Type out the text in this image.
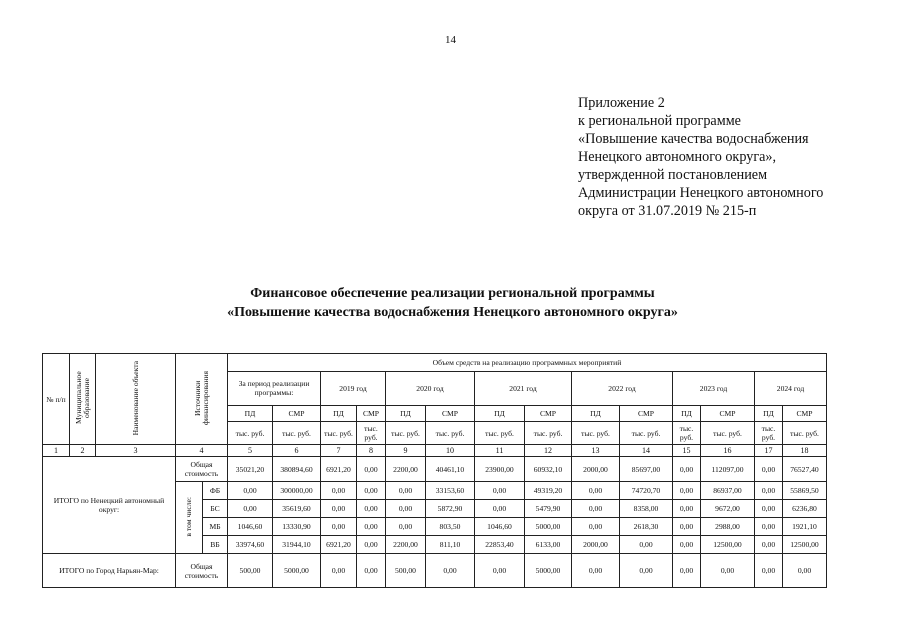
14
Приложение 2
к региональной программе
«Повышение качества водоснабжения
Ненецкого автономного округа»,
утвержденной постановлением
Администрации Ненецкого автономного
округа от 31.07.2019 № 215-п
Финансовое обеспечение реализации региональной программы
«Повышение качества водоснабжения Ненецкого автономного округа»
№ п/п	Муниципальное образование	Наименование объекта	Источники финансирования		Объем средств на реализацию программных мероприятий													
					За период реализации программы:		2019 год		2020 год		2021 год		2022 год		2023 год		2024 год	
					ПД	СМР	ПД	СМР	ПД	СМР	ПД	СМР	ПД	СМР	ПД	СМР	ПД	СМР
					тыс. руб.	тыс. руб.	тыс. руб.	тыс. руб.	тыс. руб.	тыс. руб.	тыс. руб.	тыс. руб.	тыс. руб.	тыс. руб.	тыс. руб.	тыс. руб.	тыс. руб.	тыс. руб.
1	2	3	4		5	6	7	8	9	10	11	12	13	14	15	16	17	18
ИТОГО по Ненецкий автономный округ:			Общая стоимость		35021,20	380894,60	6921,20	0,00	2200,00	40461,10	23900,00	60932,10	2000,00	85697,00	0,00	112097,00	0,00	76527,40
			в том числе:	ФБ	0,00	300000,00	0,00	0,00	0,00	33153,60	0,00	49319,20	0,00	74720,70	0,00	86937,00	0,00	55869,50
				БС	0,00	35619,60	0,00	0,00	0,00	5872,90	0,00	5479,90	0,00	8358,00	0,00	9672,00	0,00	6236,80
				МБ	1046,60	13330,90	0,00	0,00	0,00	803,50	1046,60	5000,00	0,00	2618,30	0,00	2988,00	0,00	1921,10
				ВБ	33974,60	31944,10	6921,20	0,00	2200,00	811,10	22853,40	6133,00	2000,00	0,00	0,00	12500,00	0,00	12500,00
ИТОГО по Город Нарьян-Мар:			Общая стоимость		500,00	5000,00	0,00	0,00	500,00	0,00	0,00	5000,00	0,00	0,00	0,00	0,00	0,00	0,00
